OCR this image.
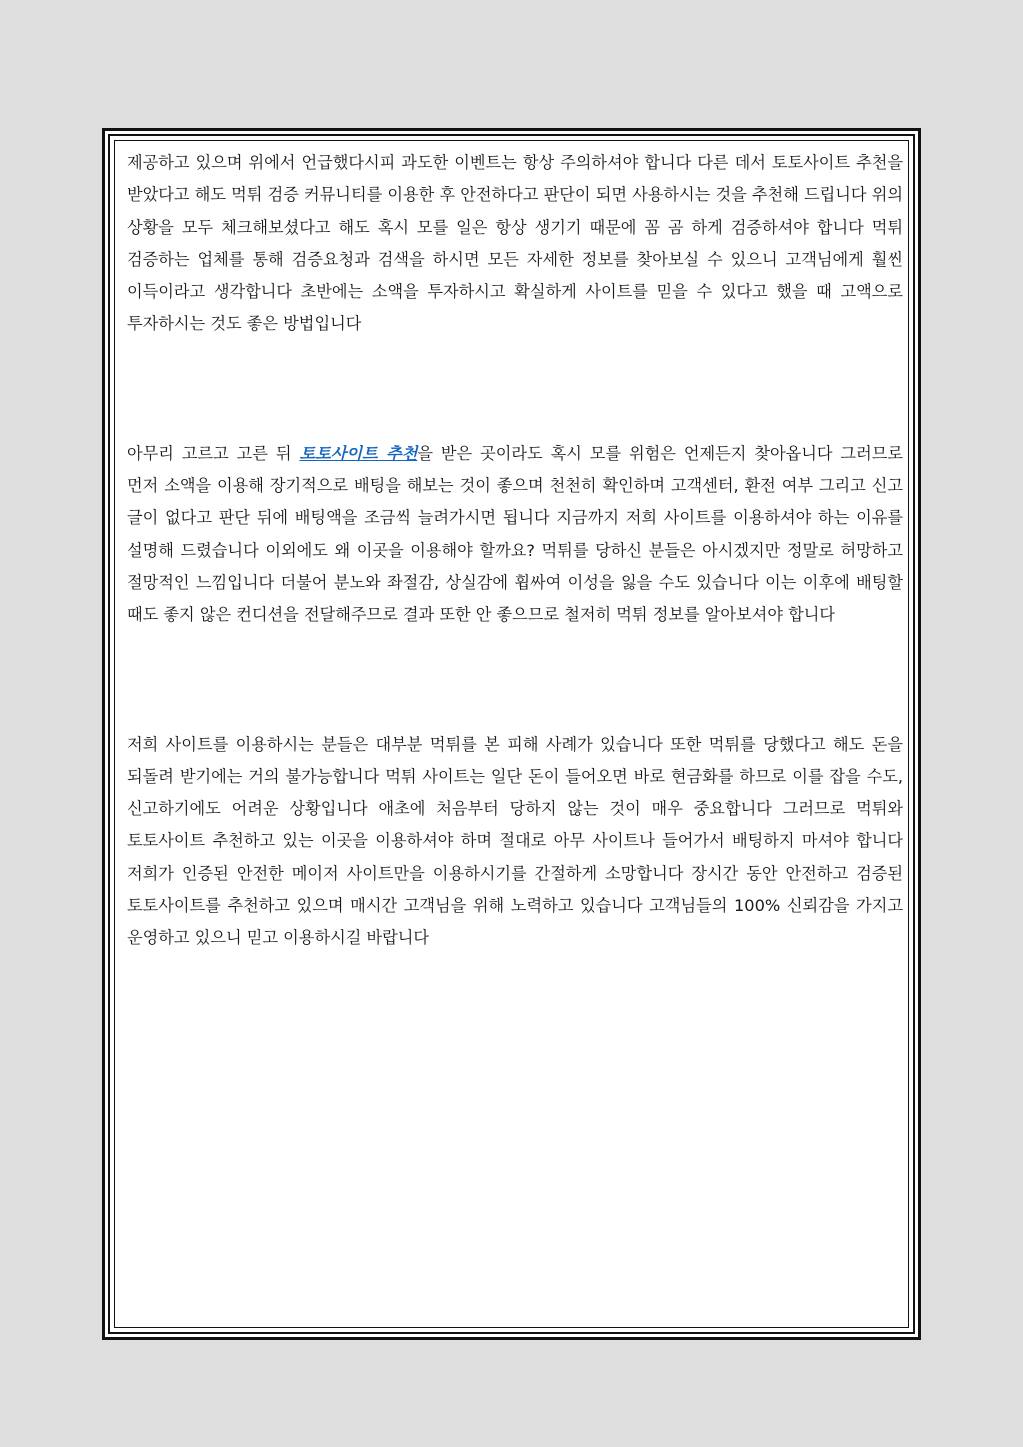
제공하고 있으며 위에서 언급했다시피 과도한 이벤트는 항상 주의하셔야 합니다 다른 데서 토토사이트 추천을 받았다고 해도 먹튀 검증 커뮤니티를 이용한 후 안전하다고 판단이 되면 사용하시는 것을 추천해 드립니다 위의 상황을 모두 체크해보셨다고 해도 혹시 모를 일은 항상 생기기 때문에 꼼 곰 하게 검증하셔야 합니다 먹튀 검증하는 업체를 통해 검증요청과 검색을 하시면 모든 자세한 정보를 찾아보실 수 있으니 고객님에게 훨씬 이득이라고 생각합니다 초반에는 소액을 투자하시고 확실하게 사이트를 믿을 수 있다고 했을 때 고액으로 투자하시는 것도 좋은 방법입니다

아무리 고르고 고른 뒤 토토사이트 추천을 받은 곳이라도 혹시 모를 위험은 언제든지 찾아옵니다 그러므로 먼저 소액을 이용해 장기적으로 배팅을 해보는 것이 좋으며 천천히 확인하며 고객센터, 환전 여부 그리고 신고 글이 없다고 판단 뒤에 배팅액을 조금씩 늘려가시면 됩니다 지금까지 저희 사이트를 이용하셔야 하는 이유를 설명해 드렸습니다 이외에도 왜 이곳을 이용해야 할까요? 먹튀를 당하신 분들은 아시겠지만 정말로 허망하고 절망적인 느낌입니다 더불어 분노와 좌절감, 상실감에 휩싸여 이성을 잃을 수도 있습니다 이는 이후에 배팅할 때도 좋지 않은 컨디션을 전달해주므로 결과 또한 안 좋으므로 철저히 먹튀 정보를 알아보셔야 합니다

저희 사이트를 이용하시는 분들은 대부분 먹튀를 본 피해 사례가 있습니다 또한 먹튀를 당했다고 해도 돈을 되돌려 받기에는 거의 불가능합니다 먹튀 사이트는 일단 돈이 들어오면 바로 현금화를 하므로 이를 잡을 수도, 신고하기에도 어려운 상황입니다 애초에 처음부터 당하지 않는 것이 매우 중요합니다 그러므로 먹튀와 토토사이트 추천하고 있는 이곳을 이용하셔야 하며 절대로 아무 사이트나 들어가서 배팅하지 마셔야 합니다 저희가 인증된 안전한 메이저 사이트만을 이용하시기를 간절하게 소망합니다 장시간 동안 안전하고 검증된 토토사이트를 추천하고 있으며 매시간 고객님을 위해 노력하고 있습니다 고객님들의 100% 신뢰감을 가지고 운영하고 있으니 믿고 이용하시길 바랍니다
